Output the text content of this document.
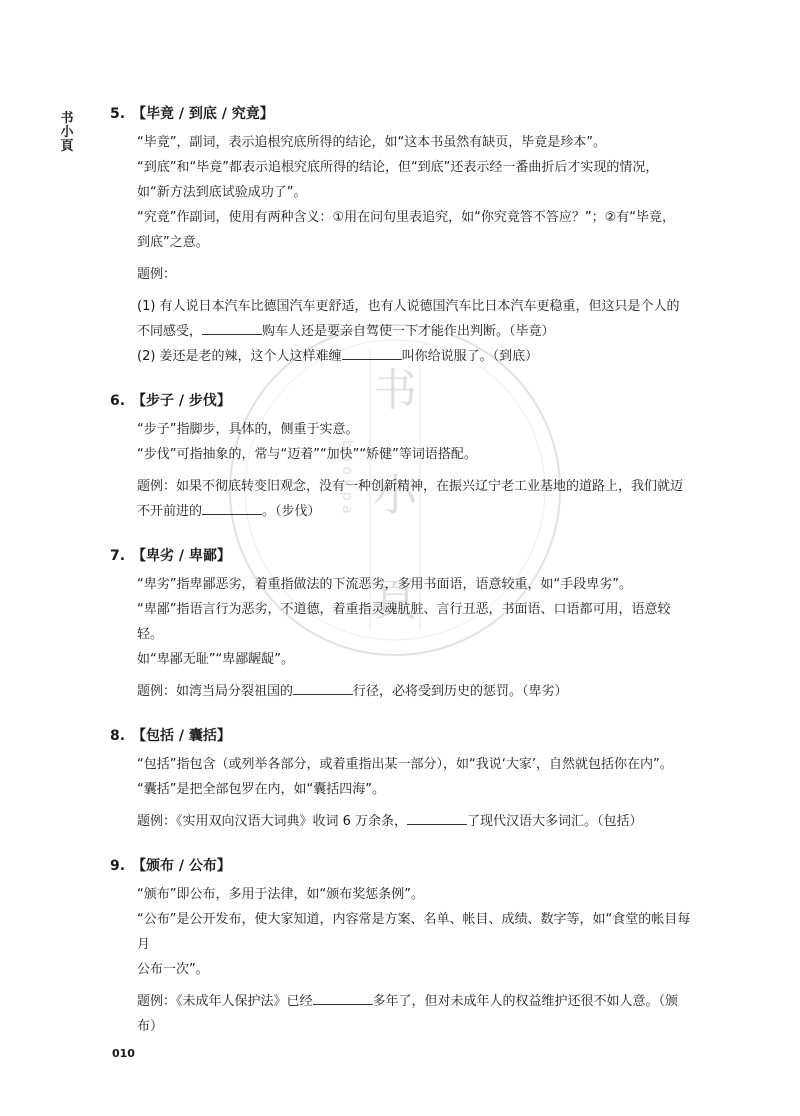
书
小
頁
书
小
頁
b o o k p a
5. 【毕竟 / 到底 / 究竟】

“毕竟”，副词，表示追根究底所得的结论，如“这本书虽然有缺页，毕竟是珍本”。

“到底”和“毕竟”都表示追根究底所得的结论，但“到底”还表示经一番曲折后才实现的情况，

如“新方法到底试验成功了”。

“究竟”作副词，使用有两种含义：①用在问句里表追究，如“你究竟答不答应？”；②有“毕竟，

到底”之意。

题例：

(1) 有人说日本汽车比德国汽车更舒适，也有人说德国汽车比日本汽车更稳重，但这只是个人的

不同感受，	购车人还是要亲自驾使一下才能作出判断。（毕竟）

(2) 姜还是老的辣，这个人这样难缠	叫你给说服了。（到底）

6. 【步子 / 步伐】

“步子”指脚步，具体的，侧重于实意。

“步伐”可指抽象的，常与“迈着”“加快”“矫健”等词语搭配。

题例：如果不彻底转变旧观念，没有一种创新精神，在振兴辽宁老工业基地的道路上，我们就迈

不开前进的	。（步伐）

7. 【卑劣 / 卑鄙】

“卑劣”指卑鄙恶劣，着重指做法的下流恶劣，多用书面语，语意较重，如“手段卑劣”。

“卑鄙”指语言行为恶劣，不道德，着重指灵魂肮脏、言行丑恶，书面语、口语都可用，语意较轻。

如“卑鄙无耻”“卑鄙龌龊”。

题例：如湾当局分裂祖国的	行径，必将受到历史的惩罚。（卑劣）

8. 【包括 / 囊括】

“包括”指包含（或列举各部分，或着重指出某一部分），如“我说‘大家’，自然就包括你在内”。

“囊括”是把全部包罗在内，如“囊括四海”。

题例：《实用双向汉语大词典》收词 6 万余条，	了现代汉语大多词汇。（包括）

9. 【颁布 / 公布】

“颁布”即公布，多用于法律，如“颁布奖惩条例”。

“公布”是公开发布，使大家知道，内容常是方案、名单、帐目、成绩、数字等，如“食堂的帐目每月

公布一次”。

题例：《未成年人保护法》已经	多年了，但对未成年人的权益维护还很不如人意。（颁

布）

010
